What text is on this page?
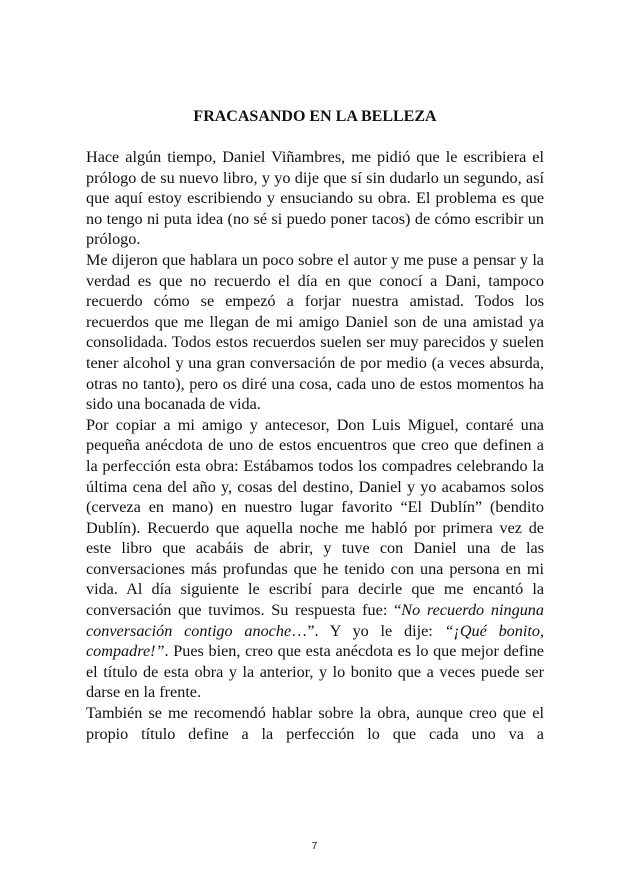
FRACASANDO EN LA BELLEZA

Hace algún tiempo, Daniel Viñambres, me pidió que le escribiera el prólogo de su nuevo libro, y yo dije que sí sin dudarlo un segundo, así que aquí estoy escribiendo y ensuciando su obra. El problema es que no tengo ni puta idea (no sé si puedo poner tacos) de cómo escribir un prólogo.

Me dijeron que hablara un poco sobre el autor y me puse a pensar y la verdad es que no recuerdo el día en que conocí a Dani, tampoco recuerdo cómo se empezó a forjar nuestra amistad. Todos los recuerdos que me llegan de mi amigo Daniel son de una amistad ya consolidada. Todos estos recuerdos suelen ser muy parecidos y suelen tener alcohol y una gran conversación de por medio (a veces absurda, otras no tanto), pero os diré una cosa, cada uno de estos momentos ha sido una bocanada de vida.

Por copiar a mi amigo y antecesor, Don Luis Miguel, contaré una pequeña anécdota de uno de estos encuentros que creo que definen a la perfección esta obra: Estábamos todos los compadres celebrando la última cena del año y, cosas del destino, Daniel y yo acabamos solos (cerveza en mano) en nuestro lugar favorito “El Dublín” (bendito Dublín). Recuerdo que aquella noche me habló por primera vez de este libro que acabáis de abrir, y tuve con Daniel una de las conversaciones más profundas que he tenido con una persona en mi vida. Al día siguiente le escribí para decirle que me encantó la conversación que tuvimos. Su respuesta fue: “No recuerdo ninguna conversación contigo anoche…”. Y yo le dije: “¡Qué bonito, compadre!”. Pues bien, creo que esta anécdota es lo que mejor define el título de esta obra y la anterior, y lo bonito que a veces puede ser darse en la frente.

También se me recomendó hablar sobre la obra, aunque creo que el propio título define a la perfección lo que cada uno va a

7
